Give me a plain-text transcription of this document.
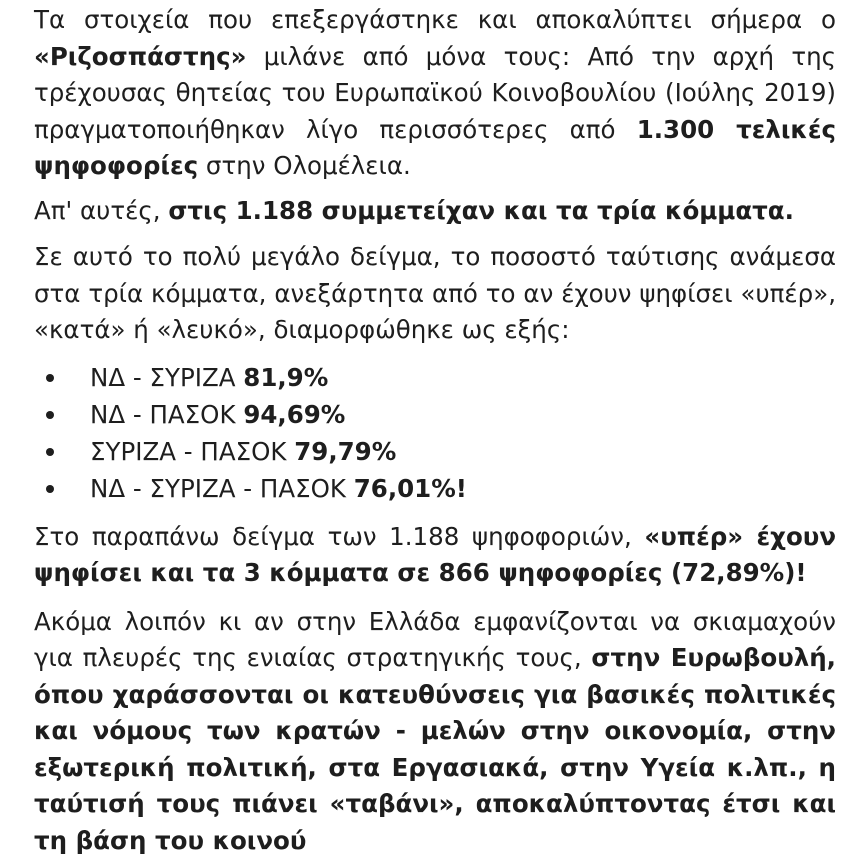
Τα στοιχεία που επεξεργάστηκε και αποκαλύπτει σήμερα ο «Ριζοσπάστης» μιλάνε από μόνα τους: Από την αρχή της τρέχουσας θητείας του Ευρωπαϊκού Κοινοβουλίου (Ιούλης 2019) πραγματοποιήθηκαν λίγο περισσότερες από 1.300 τελικές ψηφοφορίες στην Ολομέλεια.

Απ' αυτές, στις 1.188 συμμετείχαν και τα τρία κόμματα.

Σε αυτό το πολύ μεγάλο δείγμα, το ποσοστό ταύτισης ανάμεσα στα τρία κόμματα, ανεξάρτητα από το αν έχουν ψηφίσει «υπέρ», «κατά» ή «λευκό», διαμορφώθηκε ως εξής:

ΝΔ - ΣΥΡΙΖΑ 81,9%
ΝΔ - ΠΑΣΟΚ 94,69%
ΣΥΡΙΖΑ - ΠΑΣΟΚ 79,79%
ΝΔ - ΣΥΡΙΖΑ - ΠΑΣΟΚ 76,01%!

Στο παραπάνω δείγμα των 1.188 ψηφοφοριών, «υπέρ» έχουν ψηφίσει και τα 3 κόμματα σε 866 ψηφοφορίες (72,89%)!

Ακόμα λοιπόν κι αν στην Ελλάδα εμφανίζονται να σκιαμαχούν για πλευρές της ενιαίας στρατηγικής τους, στην Ευρωβουλή, όπου χαράσσονται οι κατευθύνσεις για βασικές πολιτικές και νόμους των κρατών - μελών στην οικονομία, στην εξωτερική πολιτική, στα Εργασιακά, στην Υγεία κ.λπ., η ταύτισή τους πιάνει «ταβάνι», αποκαλύπτοντας έτσι και τη βάση του κοινού
